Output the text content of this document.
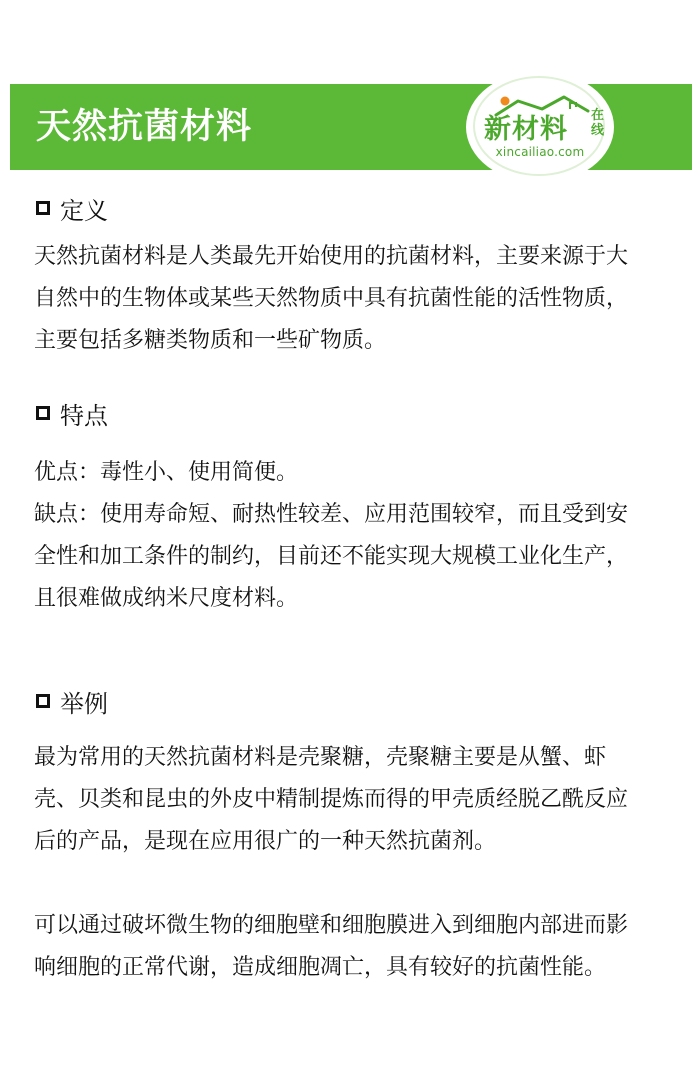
天然抗菌材料	新材料 在线
xincailiao.com
定义

天然抗菌材料是人类最先开始使用的抗菌材料，主要来源于大自然中的生物体或某些天然物质中具有抗菌性能的活性物质，主要包括多糖类物质和一些矿物质。

特点

优点：毒性小、使用简便。

缺点：使用寿命短、耐热性较差、应用范围较窄，而且受到安全性和加工条件的制约，目前还不能实现大规模工业化生产，且很难做成纳米尺度材料。

举例

最为常用的天然抗菌材料是壳聚糖，壳聚糖主要是从蟹、虾壳、贝类和昆虫的外皮中精制提炼而得的甲壳质经脱乙酰反应后的产品，是现在应用很广的一种天然抗菌剂。

可以通过破坏微生物的细胞壁和细胞膜进入到细胞内部进而影响细胞的正常代谢，造成细胞凋亡，具有较好的抗菌性能。
